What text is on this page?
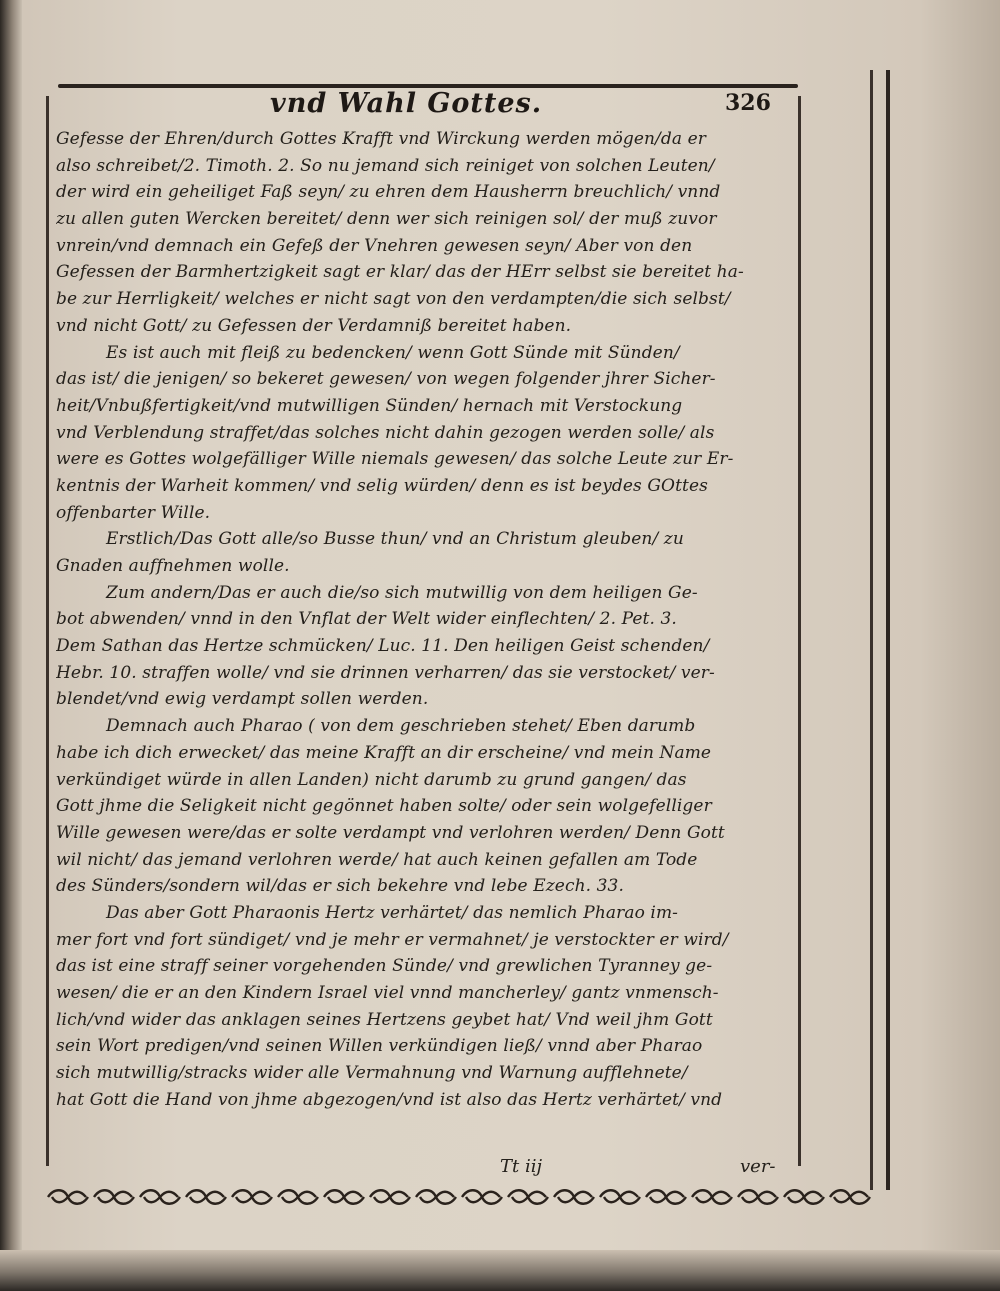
vnd Wahl Gottes.	326
Gefesse der Ehren/durch Gottes Krafft vnd Wirckung werden mögen/da er
also schreibet/2. Timoth. 2. So nu jemand sich reiniget von solchen Leuten/
der wird ein geheiliget Faß seyn/ zu ehren dem Hausherrn breuchlich/ vnnd
zu allen guten Wercken bereitet/ denn wer sich reinigen sol/ der muß zuvor
vnrein/vnd demnach ein Gefeß der Vnehren gewesen seyn/ Aber von den
Gefessen der Barmhertzigkeit sagt er klar/ das der HErr selbst sie bereitet ha-
be zur Herrligkeit/ welches er nicht sagt von den verdampten/die sich selbst/
vnd nicht Gott/ zu Gefessen der Verdamniß bereitet haben.
Es ist auch mit fleiß zu bedencken/ wenn Gott Sünde mit Sünden/
das ist/ die jenigen/ so bekeret gewesen/ von wegen folgender jhrer Sicher-
heit/Vnbußfertigkeit/vnd mutwilligen Sünden/ hernach mit Verstockung
vnd Verblendung straffet/das solches nicht dahin gezogen werden solle/ als
were es Gottes wolgefälliger Wille niemals gewesen/ das solche Leute zur Er-
kentnis der Warheit kommen/ vnd selig würden/ denn es ist beydes GOttes
offenbarter Wille.
Erstlich/Das Gott alle/so Busse thun/ vnd an Christum gleuben/ zu
Gnaden auffnehmen wolle.
Zum andern/Das er auch die/so sich mutwillig von dem heiligen Ge-
bot abwenden/ vnnd in den Vnflat der Welt wider einflechten/ 2. Pet. 3.
Dem Sathan das Hertze schmücken/ Luc. 11. Den heiligen Geist schenden/
Hebr. 10. straffen wolle/ vnd sie drinnen verharren/ das sie verstocket/ ver-
blendet/vnd ewig verdampt sollen werden.
Demnach auch Pharao ( von dem geschrieben stehet/ Eben darumb
habe ich dich erwecket/ das meine Krafft an dir erscheine/ vnd mein Name
verkündiget würde in allen Landen) nicht darumb zu grund gangen/ das
Gott jhme die Seligkeit nicht gegönnet haben solte/ oder sein wolgefelliger
Wille gewesen were/das er solte verdampt vnd verlohren werden/ Denn Gott
wil nicht/ das jemand verlohren werde/ hat auch keinen gefallen am Tode
des Sünders/sondern wil/das er sich bekehre vnd lebe Ezech. 33.
Das aber Gott Pharaonis Hertz verhärtet/ das nemlich Pharao im-
mer fort vnd fort sündiget/ vnd je mehr er vermahnet/ je verstockter er wird/
das ist eine straff seiner vorgehenden Sünde/ vnd grewlichen Tyranney ge-
wesen/ die er an den Kindern Israel viel vnnd mancherley/ gantz vnmensch-
lich/vnd wider das anklagen seines Hertzens geybet hat/ Vnd weil jhm Gott
sein Wort predigen/vnd seinen Willen verkündigen ließ/ vnnd aber Pharao
sich mutwillig/stracks wider alle Vermahnung vnd Warnung aufflehnete/
hat Gott die Hand von jhme abgezogen/vnd ist also das Hertz verhärtet/ vnd
Tt iij	ver-
